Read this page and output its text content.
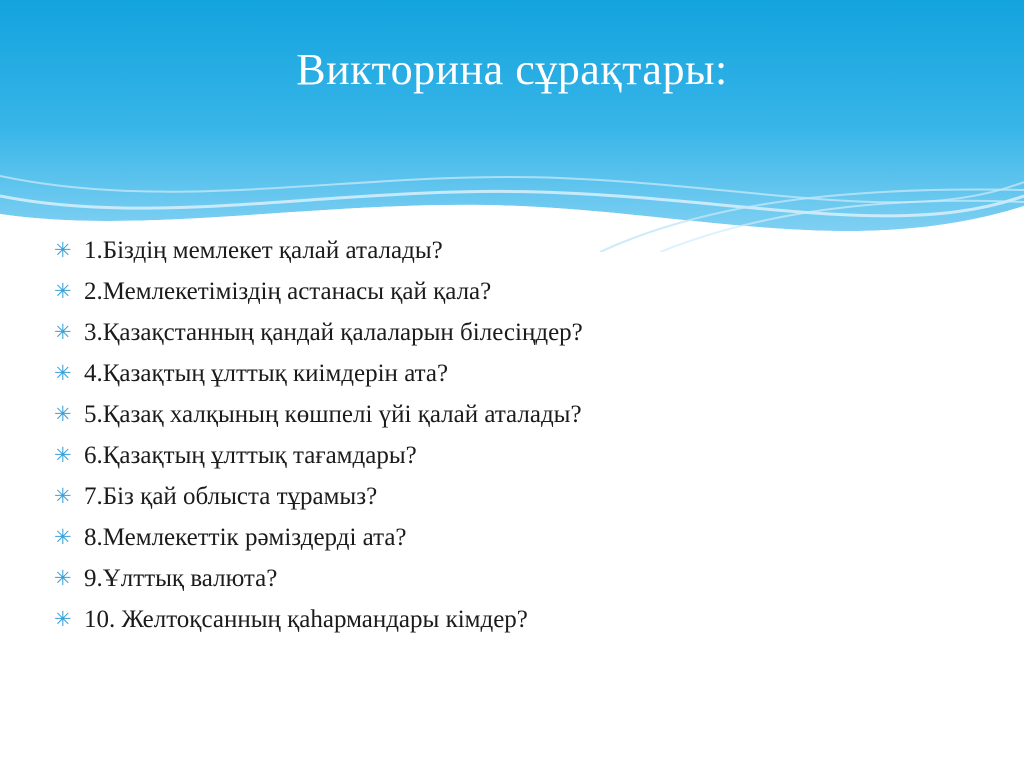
Викторина сұрақтары:
✳ 1.Біздің мемлекет қалай аталады?
✳ 2.Мемлекетіміздің астанасы қай қала?
✳ 3.Қазақстанның қандай қалаларын білесіңдер?
✳ 4.Қазақтың ұлттық киімдерін ата?
✳ 5.Қазақ халқының көшпелі үйі қалай аталады?
✳ 6.Қазақтың ұлттық тағамдары?
✳ 7.Біз қай облыста тұрамыз?
✳ 8.Мемлекеттік рәміздерді ата?
✳ 9.Ұлттық валюта?
✳ 10. Желтоқсанның қаһармандары кімдер?
